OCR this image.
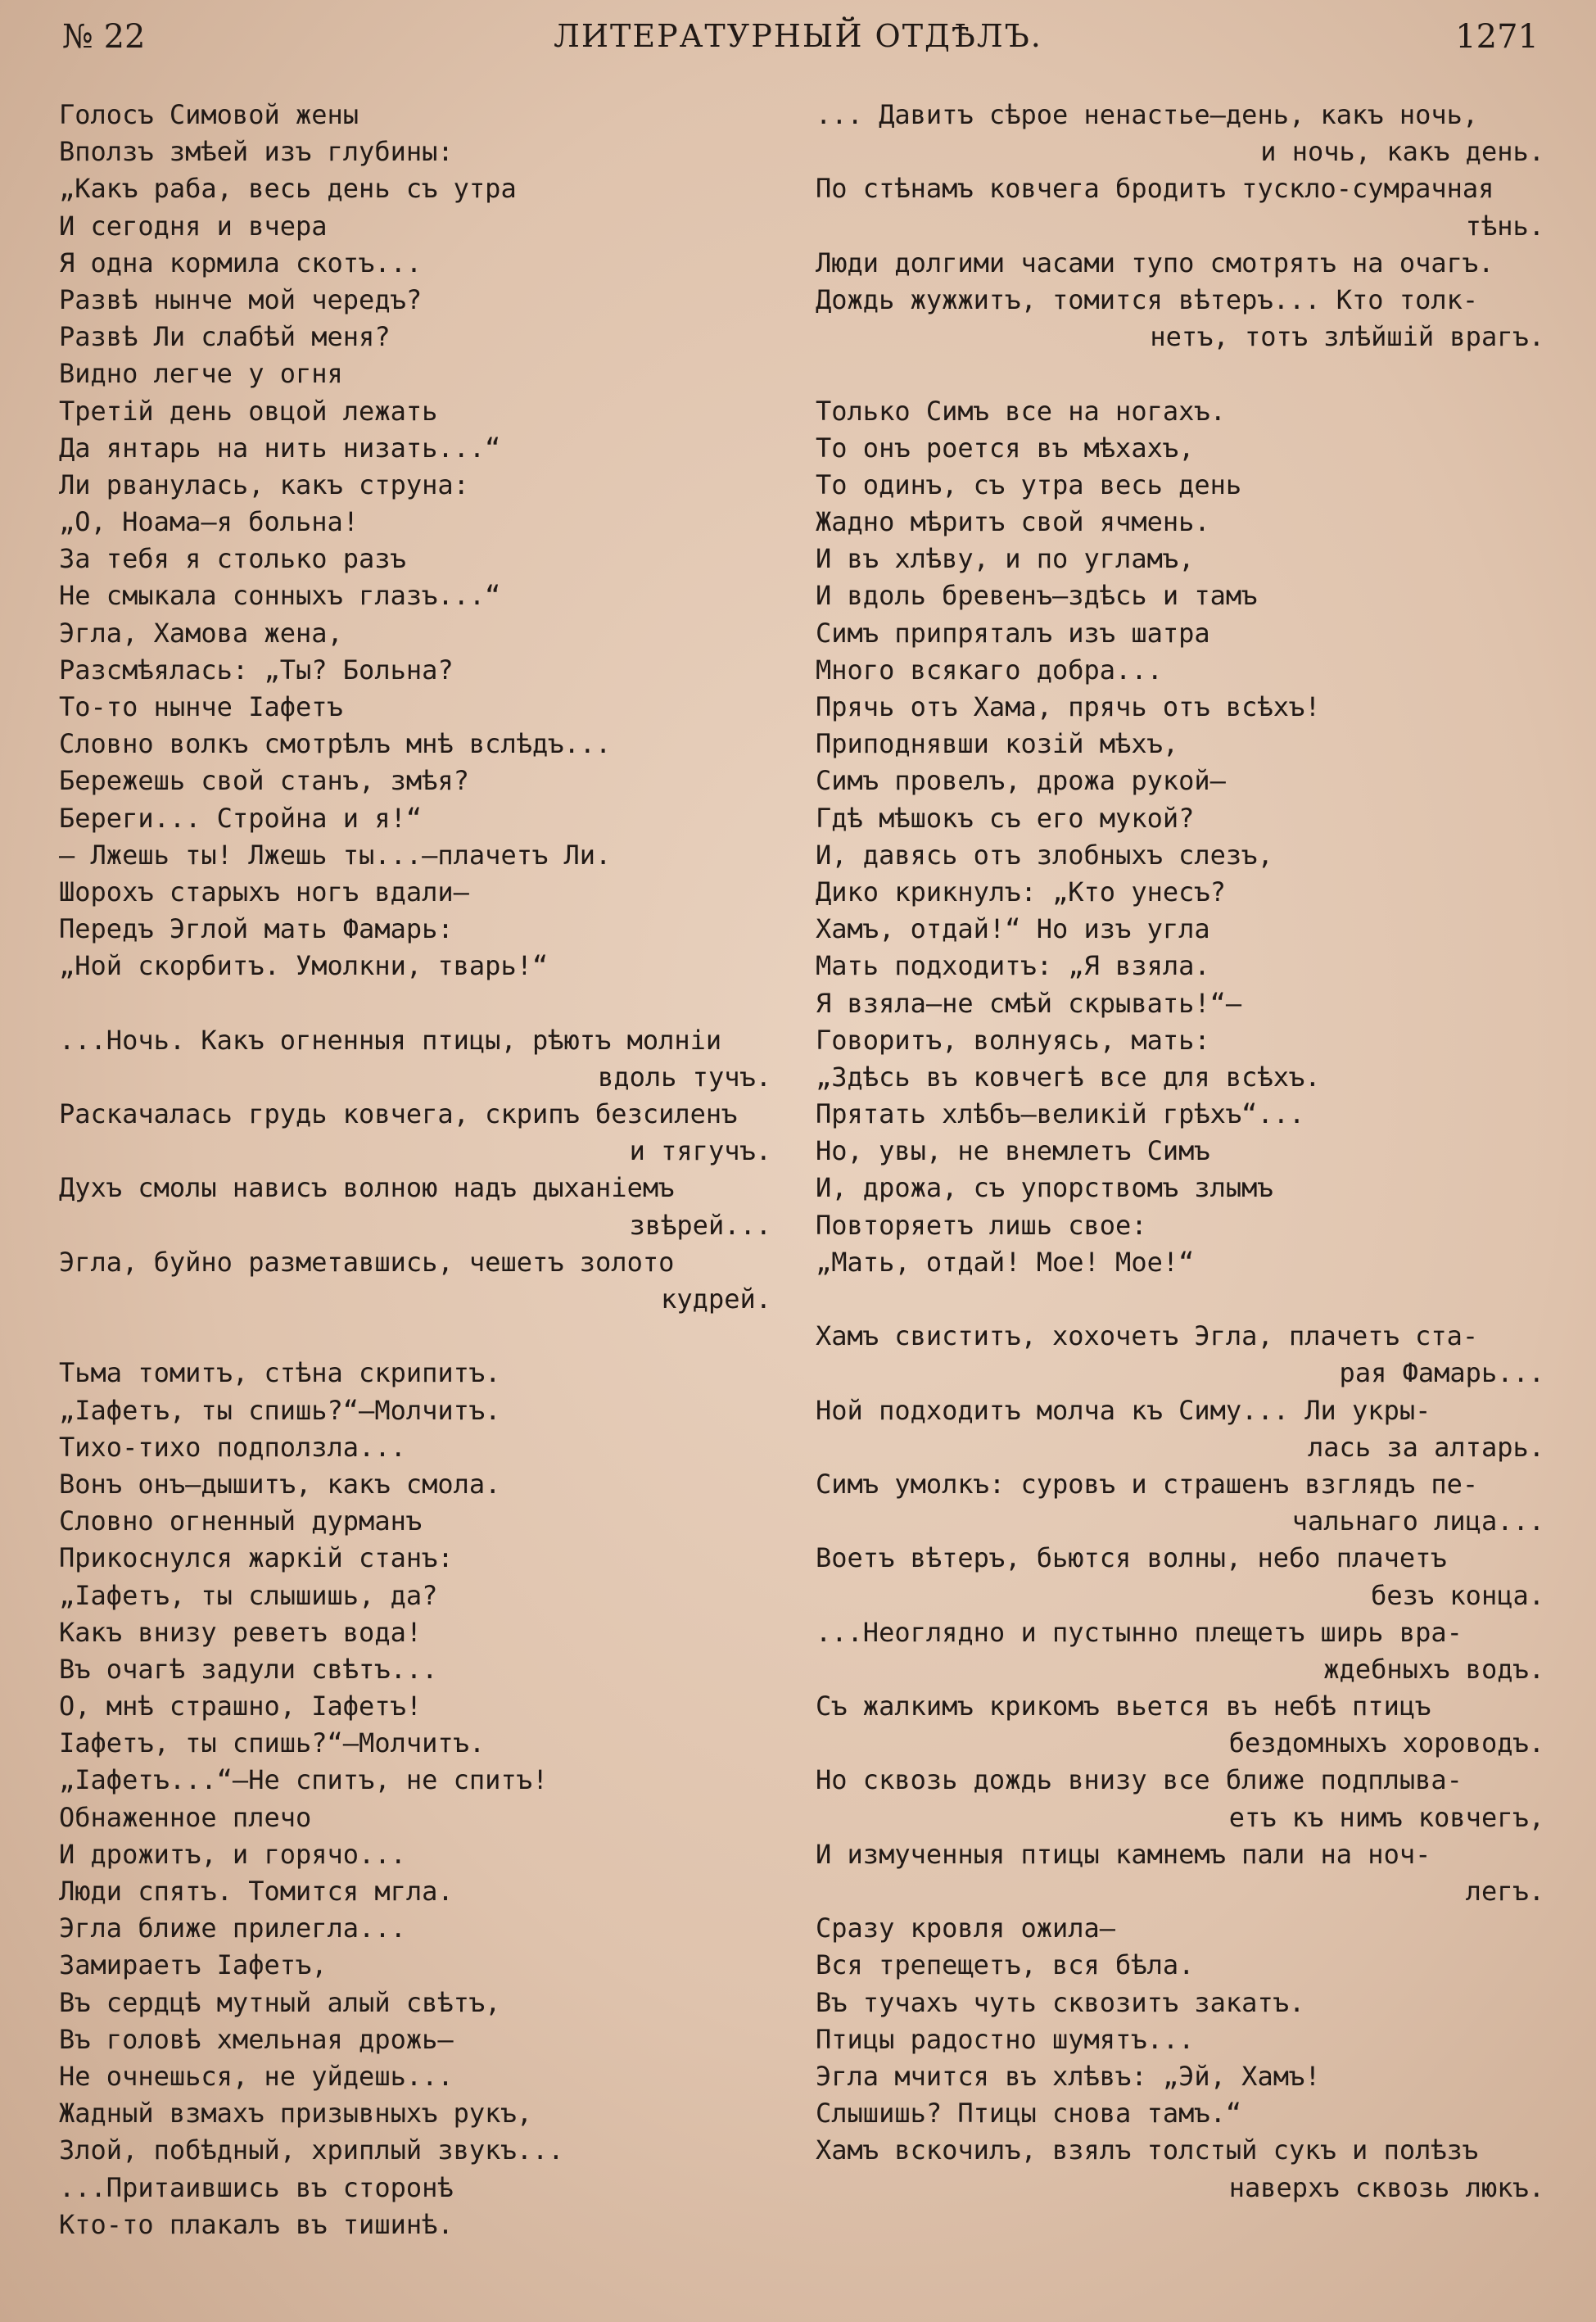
ЛИТЕРАТУРНЫЙ ОТДѢЛЪ.
№ 22	1271
Голосъ Симовой жены
Вползъ змѣей изъ глубины:
„Какъ раба, весь день съ утра
И сегодня и вчера
Я одна кормила скотъ...
Развѣ нынче мой чередъ?
Развѣ Ли слабѣй меня?
Видно легче у огня
Третій день овцой лежать
Да янтарь на нить низать...“
Ли рванулась, какъ струна:
„О, Ноама—я больна!
За тебя я столько разъ
Не смыкала сонныхъ глазъ...“
Эгла, Хамова жена,
Разсмѣялась: „Ты? Больна?
То-то нынче Іафетъ
Словно волкъ смотрѣлъ мнѣ вслѣдъ...
Бережешь свой станъ, змѣя?
Береги... Стройна и я!“
— Лжешь ты! Лжешь ты...—плачетъ Ли.
Шорохъ старыхъ ногъ вдали—
Передъ Эглой мать Фамарь:
„Ной скорбитъ. Умолкни, тварь!“
...Ночь. Какъ огненныя птицы, рѣютъ молніи
вдоль тучъ.
Раскачалась грудь ковчега, скрипъ безсиленъ
и тягучъ.
Духъ смолы нависъ волною надъ дыханіемъ
звѣрей...
Эгла, буйно разметавшись, чешетъ золото
кудрей.
Тьма томитъ, стѣна скрипитъ.
„Іафетъ, ты спишь?“—Молчитъ.
Тихо-тихо подползла...
Вонъ онъ—дышитъ, какъ смола.
Словно огненный дурманъ
Прикоснулся жаркій станъ:
„Іафетъ, ты слышишь, да?
Какъ внизу реветъ вода!
Въ очагѣ задули свѣтъ...
О, мнѣ страшно, Іафетъ!
Іафетъ, ты спишь?“—Молчитъ.
„Іафетъ...“—Не спитъ, не спитъ!
Обнаженное плечо
И дрожитъ, и горячо...
Люди спятъ. Томится мгла.
Эгла ближе прилегла...
Замираетъ Іафетъ,
Въ сердцѣ мутный алый свѣтъ,
Въ головѣ хмельная дрожь—
Не очнешься, не уйдешь...
Жадный взмахъ призывныхъ рукъ,
Злой, побѣдный, хриплый звукъ...
...Притаившись въ сторонѣ
Кто-то плакалъ въ тишинѣ.
... Давитъ сѣрое ненастье—день, какъ ночь,
и ночь, какъ день.
По стѣнамъ ковчега бродитъ тускло-сумрачная
тѣнь.
Люди долгими часами тупо смотрятъ на очагъ.
Дождь жужжитъ, томится вѣтеръ... Кто толк-
нетъ, тотъ злѣйшій врагъ.
Только Симъ все на ногахъ.
То онъ роется въ мѣхахъ,
То одинъ, съ утра весь день
Жадно мѣритъ свой ячмень.
И въ хлѣву, и по угламъ,
И вдоль бревенъ—здѣсь и тамъ
Симъ припряталъ изъ шатра
Много всякаго добра...
Прячь отъ Хама, прячь отъ всѣхъ!
Приподнявши козій мѣхъ,
Симъ провелъ, дрожа рукой—
Гдѣ мѣшокъ съ его мукой?
И, давясь отъ злобныхъ слезъ,
Дико крикнулъ: „Кто унесъ?
Хамъ, отдай!“ Но изъ угла
Мать подходитъ: „Я взяла.
Я взяла—не смѣй скрывать!“—
Говоритъ, волнуясь, мать:
„Здѣсь въ ковчегѣ все для всѣхъ.
Прятать хлѣбъ—великій грѣхъ“...
Но, увы, не внемлетъ Симъ
И, дрожа, съ упорствомъ злымъ
Повторяетъ лишь свое:
„Мать, отдай! Мое! Мое!“
Хамъ свиститъ, хохочетъ Эгла, плачетъ ста-
рая Фамарь...
Ной подходитъ молча къ Симу... Ли укры-
лась за алтарь.
Симъ умолкъ: суровъ и страшенъ взглядъ пе-
чальнаго лица...
Воетъ вѣтеръ, бьются волны, небо плачетъ
безъ конца.
...Неоглядно и пустынно плещетъ ширь вра-
ждебныхъ водъ.
Съ жалкимъ крикомъ вьется въ небѣ птицъ
бездомныхъ хороводъ.
Но сквозь дождь внизу все ближе подплыва-
етъ къ нимъ ковчегъ,
И измученныя птицы камнемъ пали на ноч-
легъ.
Сразу кровля ожила—
Вся трепещетъ, вся бѣла.
Въ тучахъ чуть сквозитъ закатъ.
Птицы радостно шумятъ...
Эгла мчится въ хлѣвъ: „Эй, Хамъ!
Слышишь? Птицы снова тамъ.“
Хамъ вскочилъ, взялъ толстый сукъ и полѣзъ
наверхъ сквозь люкъ.
